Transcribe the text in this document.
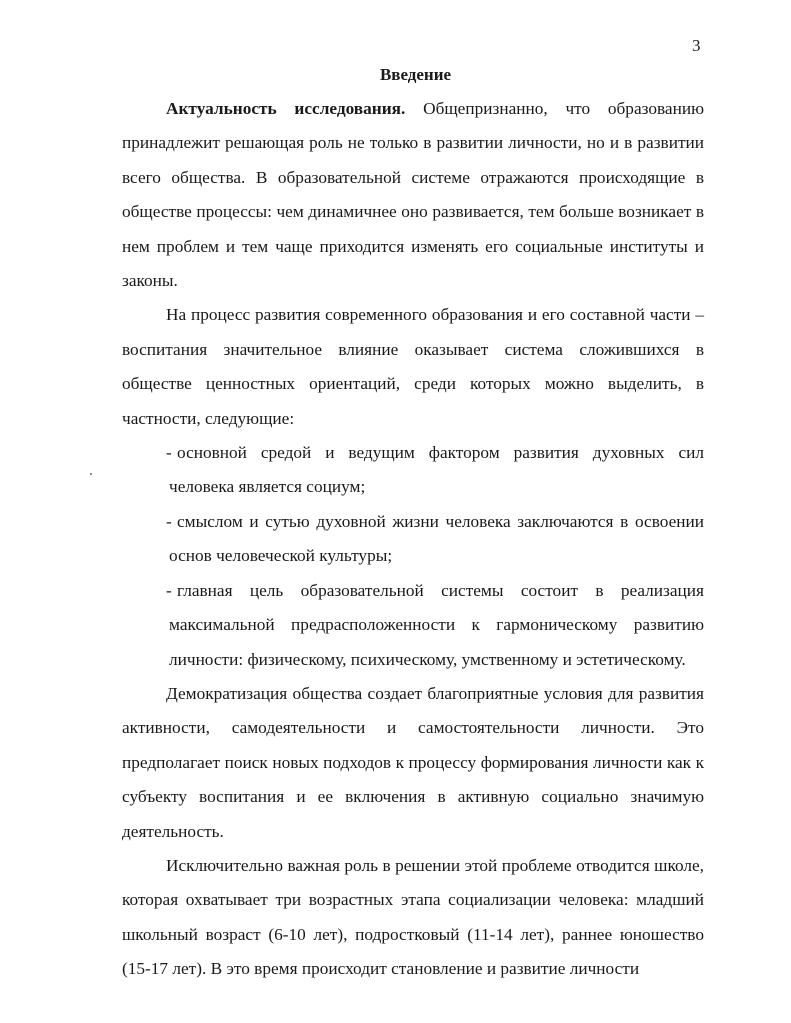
3
Введение

Актуальность исследования. Общепризнанно, что образованию принадлежит решающая роль не только в развитии личности, но и в развитии всего общества. В образовательной системе отражаются происходящие в обществе процессы: чем динамичнее оно развивается, тем больше возникает в нем проблем и тем чаще приходится изменять его социальные институты и законы.

На процесс развития современного образования и его составной части – воспитания значительное влияние оказывает система сложившихся в обществе ценностных ориентаций, среди которых можно выделить, в частности, следующие:

- основной средой и ведущим фактором развития духовных сил человека является социум;
- смыслом и сутью духовной жизни человека заключаются в освоении основ человеческой культуры;
- главная цель образовательной системы состоит в реализация максимальной предрасположенности к гармоническому развитию личности: физическому, психическому, умственному и эстетическому.

Демократизация общества создает благоприятные условия для развития активности, самодеятельности и самостоятельности личности. Это предполагает поиск новых подходов к процессу формирования личности как к субъекту воспитания и ее включения в активную социально значимую деятельность.

Исключительно важная роль в решении этой проблеме отводится школе, которая охватывает три возрастных этапа социализации человека: младший школьный возраст (6-10 лет), подростковый (11-14 лет), раннее юношество (15-17 лет). В это время происходит становление и развитие личности
